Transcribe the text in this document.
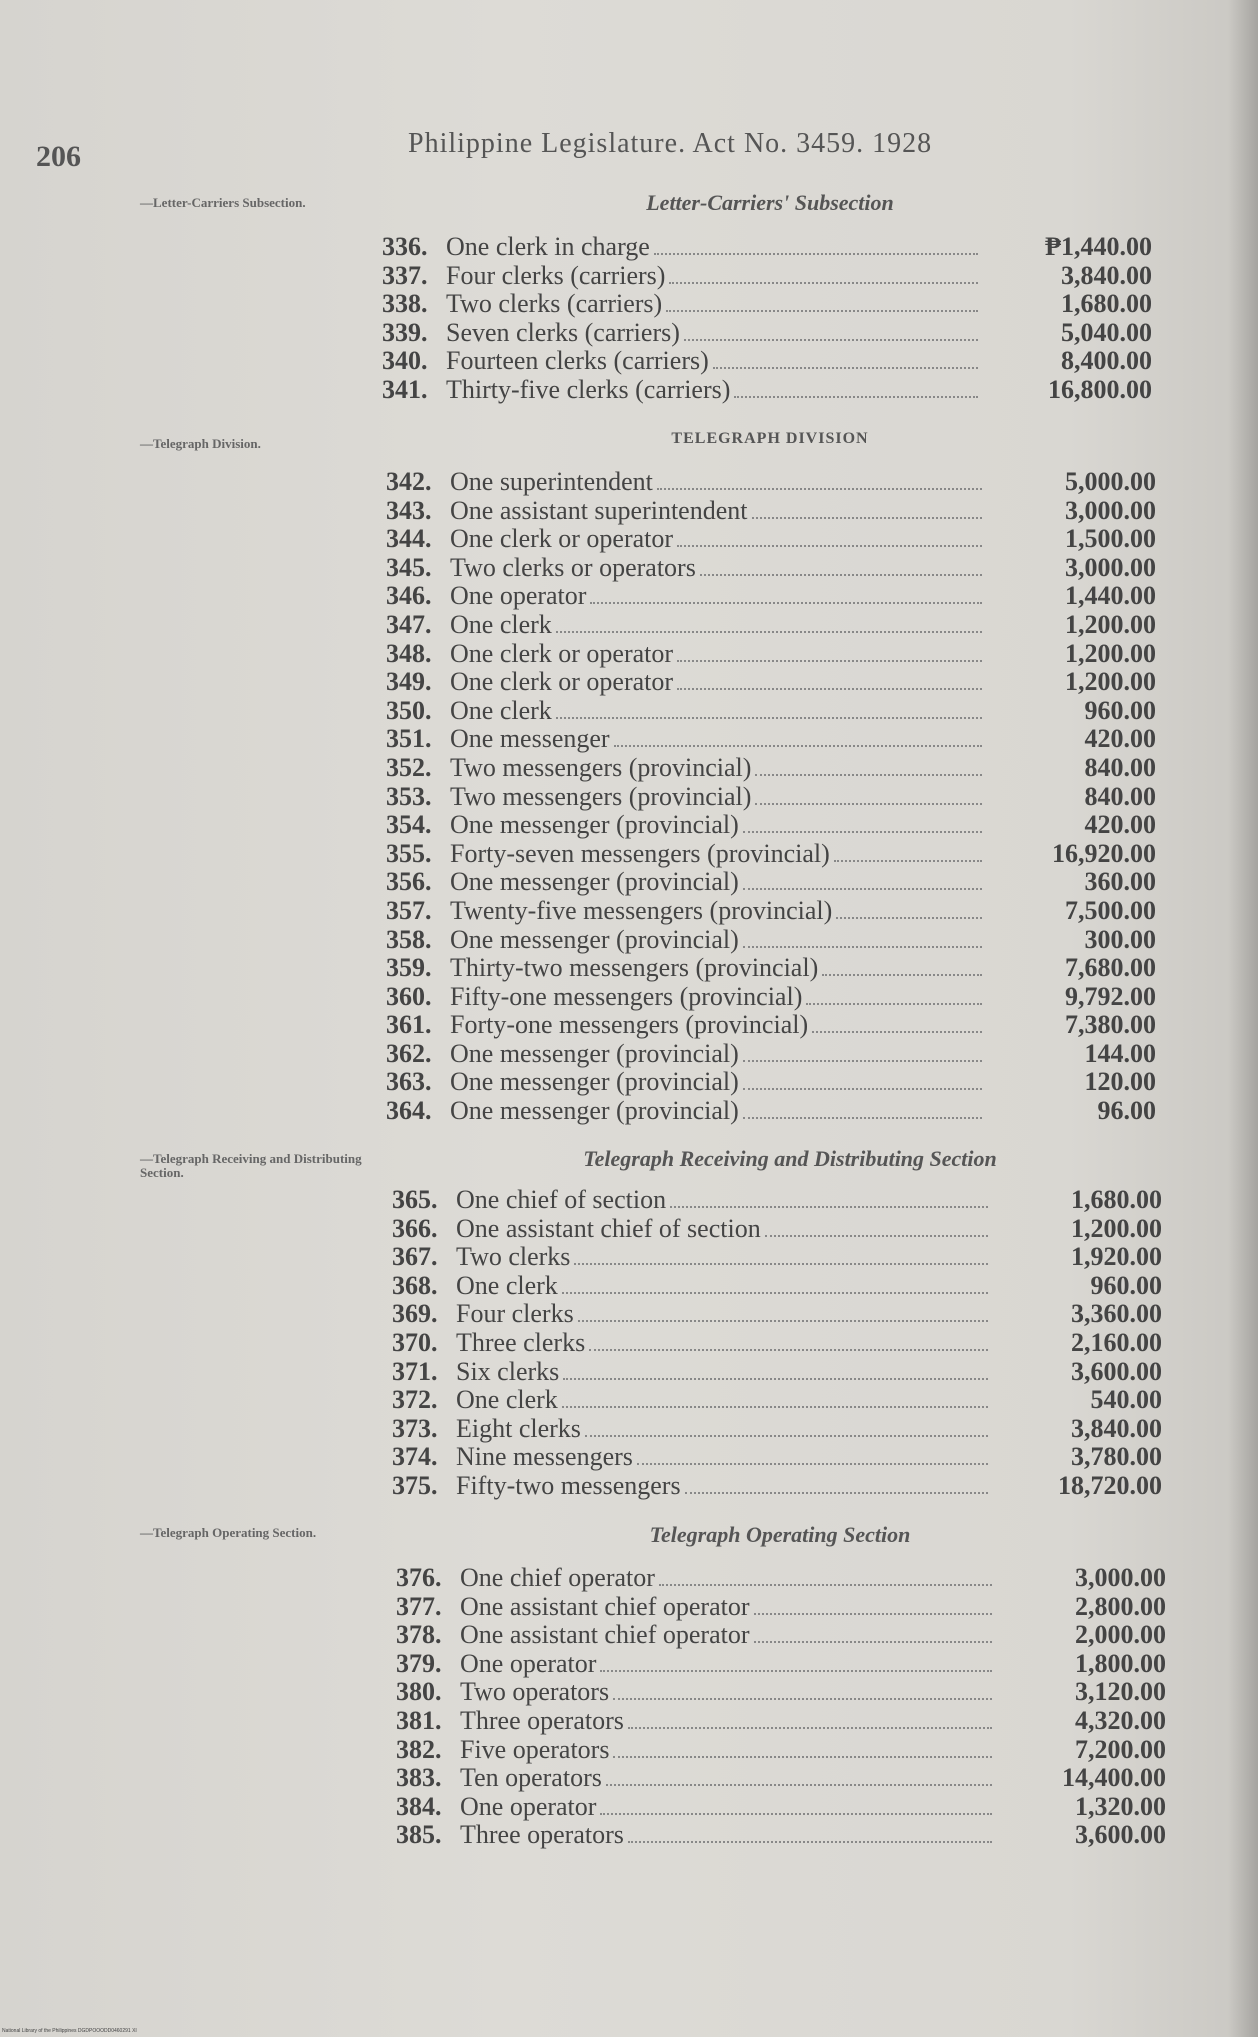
206	Philippine Legislature. Act No. 3459. 1928
—Letter-Carriers Subsection.	Letter-Carriers' Subsection
336. One clerk in charge	₱1,440.00
337. Four clerks (carriers)	3,840.00
338. Two clerks (carriers)	1,680.00
339. Seven clerks (carriers)	5,040.00
340. Fourteen clerks (carriers)	8,400.00
341. Thirty-five clerks (carriers)	16,800.00
—Telegraph Division.	TELEGRAPH DIVISION
342. One superintendent	5,000.00
343. One assistant superintendent	3,000.00
344. One clerk or operator	1,500.00
345. Two clerks or operators	3,000.00
346. One operator	1,440.00
347. One clerk	1,200.00
348. One clerk or operator	1,200.00
349. One clerk or operator	1,200.00
350. One clerk	960.00
351. One messenger	420.00
352. Two messengers (provincial)	840.00
353. Two messengers (provincial)	840.00
354. One messenger (provincial)	420.00
355. Forty-seven messengers (provincial)	16,920.00
356. One messenger (provincial)	360.00
357. Twenty-five messengers (provincial)	7,500.00
358. One messenger (provincial)	300.00
359. Thirty-two messengers (provincial)	7,680.00
360. Fifty-one messengers (provincial)	9,792.00
361. Forty-one messengers (provincial)	7,380.00
362. One messenger (provincial)	144.00
363. One messenger (provincial)	120.00
364. One messenger (provincial)	96.00
—Telegraph Receiving and Distributing Section.
Telegraph Receiving and Distributing Section
365. One chief of section	1,680.00
366. One assistant chief of section	1,200.00
367. Two clerks	1,920.00
368. One clerk	960.00
369. Four clerks	3,360.00
370. Three clerks	2,160.00
371. Six clerks	3,600.00
372. One clerk	540.00
373. Eight clerks	3,840.00
374. Nine messengers	3,780.00
375. Fifty-two messengers	18,720.00
—Telegraph Operating Section.	Telegraph Operating Section
376. One chief operator	3,000.00
377. One assistant chief operator	2,800.00
378. One assistant chief operator	2,000.00
379. One operator	1,800.00
380. Two operators	3,120.00
381. Three operators	4,320.00
382. Five operators	7,200.00
383. Ten operators	14,400.00
384. One operator	1,320.00
385. Three operators	3,600.00
National Library of the Philippines DGDPOOODD0460291 XI
